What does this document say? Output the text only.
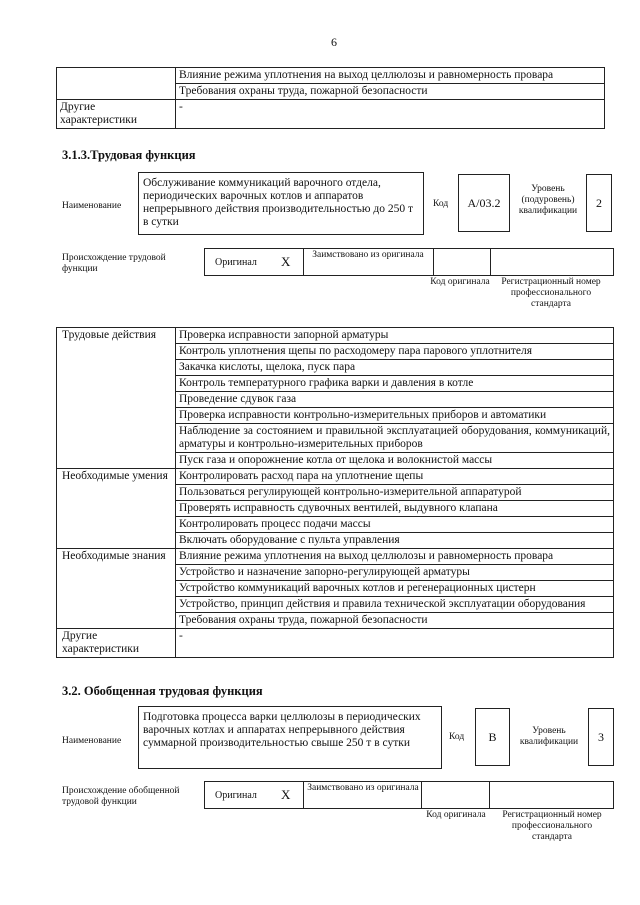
6
	Влияние режима уплотнения на выход целлюлозы и равномерность провара
	Требования охраны труда, пожарной безопасности
Другие характеристики	-
3.1.3.Трудовая функция
Наименование
Обслуживание коммуникаций варочного отдела, периодических варочных котлов и аппаратов непрерывного действия производительностью до 250 т в сутки
Код	А/03.2
Уровень (подуровень) квалификации
2
Происхождение трудовой функции
Оригинал X	Заимствовано из оригинала
Код оригинала	Регистрационный номер профессионального стандарта
Трудовые действия	Проверка исправности запорной арматуры
	Контроль уплотнения щепы по расходомеру пара парового уплотнителя
	Закачка кислоты, щелока, пуск пара
	Контроль температурного графика варки и давления в котле
	Проведение сдувок газа
	Проверка исправности контрольно-измерительных приборов и автоматики
	Наблюдение за состоянием и правильной эксплуатацией оборудования, коммуникаций, арматуры и контрольно-измерительных приборов
	Пуск газа и опорожнение котла от щелока и волокнистой массы
Необходимые умения	Контролировать расход пара на уплотнение щепы
	Пользоваться регулирующей контрольно-измерительной аппаратурой
	Проверять исправность сдувочных вентилей, выдувного клапана
	Контролировать процесс подачи массы
	Включать оборудование с пульта управления
Необходимые знания	Влияние режима уплотнения на выход целлюлозы и равномерность провара
	Устройство и назначение запорно-регулирующей арматуры
	Устройство коммуникаций варочных котлов и регенерационных цистерн
	Устройство, принцип действия и правила технической эксплуатации оборудования
	Требования охраны труда, пожарной безопасности
Другие характеристики	-
3.2. Обобщенная трудовая функция
Наименование
Подготовка процесса варки целлюлозы в периодических варочных котлах и аппаратах непрерывного действия суммарной производительностью свыше 250 т в сутки	Код	В	Уровень квалификации	3
Происхождение обобщенной трудовой функции
Оригинал X Заимствовано из оригинала
Код оригинала	Регистрационный номер профессионального стандарта
